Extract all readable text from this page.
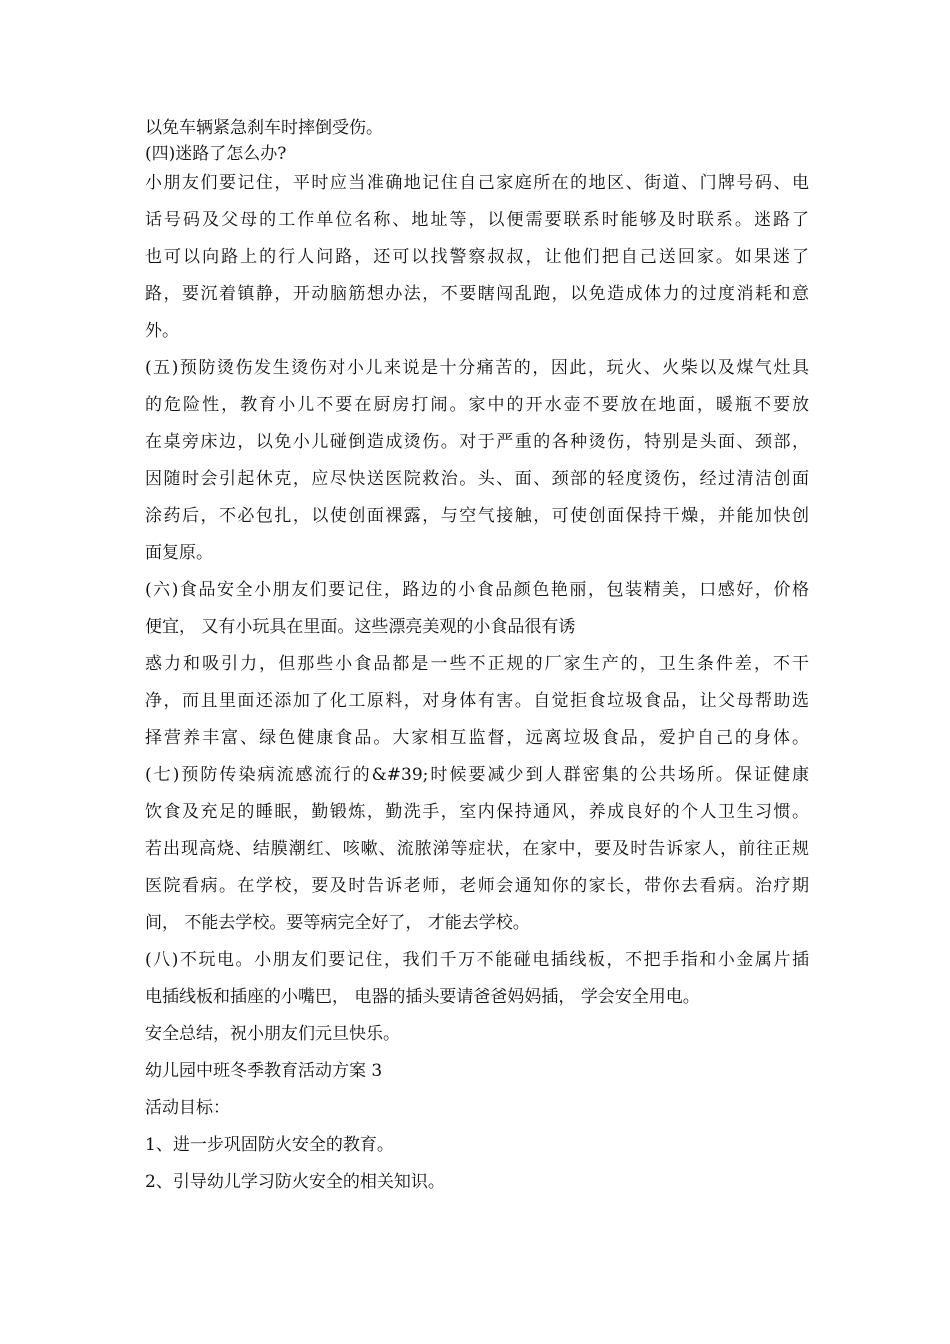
以免车辆紧急刹车时摔倒受伤。
(四)迷路了怎么办?
小朋友们要记住，平时应当准确地记住自己家庭所在的地区、街道、门牌号码、电
话号码及父母的工作单位名称、地址等，以便需要联系时能够及时联系。迷路了
也可以向路上的行人问路，还可以找警察叔叔，让他们把自己送回家。如果迷了
路，要沉着镇静，开动脑筋想办法，不要瞎闯乱跑，以免造成体力的过度消耗和意
外。
(五)预防烫伤发生烫伤对小儿来说是十分痛苦的，因此，玩火、火柴以及煤气灶具
的危险性，教育小儿不要在厨房打闹。家中的开水壶不要放在地面，暖瓶不要放
在桌旁床边，以免小儿碰倒造成烫伤。对于严重的各种烫伤，特别是头面、颈部，
因随时会引起休克，应尽快送医院救治。头、面、颈部的轻度烫伤，经过清洁创面
涂药后，不必包扎，以使创面裸露，与空气接触，可使创面保持干燥，并能加快创
面复原。
(六)食品安全小朋友们要记住，路边的小食品颜色艳丽，包装精美，口感好，价格
便宜， 又有小玩具在里面。这些漂亮美观的小食品很有诱
惑力和吸引力，但那些小食品都是一些不正规的厂家生产的，卫生条件差，不干
净，而且里面还添加了化工原料，对身体有害。自觉拒食垃圾食品，让父母帮助选
择营养丰富、绿色健康食品。大家相互监督，远离垃圾食品，爱护自己的身体。
(七)预防传染病流感流行的&#39;时候要减少到人群密集的公共场所。保证健康
饮食及充足的睡眠，勤锻炼，勤洗手，室内保持通风，养成良好的个人卫生习惯。
若出现高烧、结膜潮红、咳嗽、流脓涕等症状，在家中，要及时告诉家人，前往正规
医院看病。在学校，要及时告诉老师，老师会通知你的家长，带你去看病。治疗期
间， 不能去学校。要等病完全好了， 才能去学校。
(八)不玩电。小朋友们要记住，我们千万不能碰电插线板，不把手指和小金属片插
电插线板和插座的小嘴巴， 电器的插头要请爸爸妈妈插， 学会安全用电。
安全总结，祝小朋友们元旦快乐。
幼儿园中班冬季教育活动方案 3
活动目标：
1、进一步巩固防火安全的教育。
2、引导幼儿学习防火安全的相关知识。
